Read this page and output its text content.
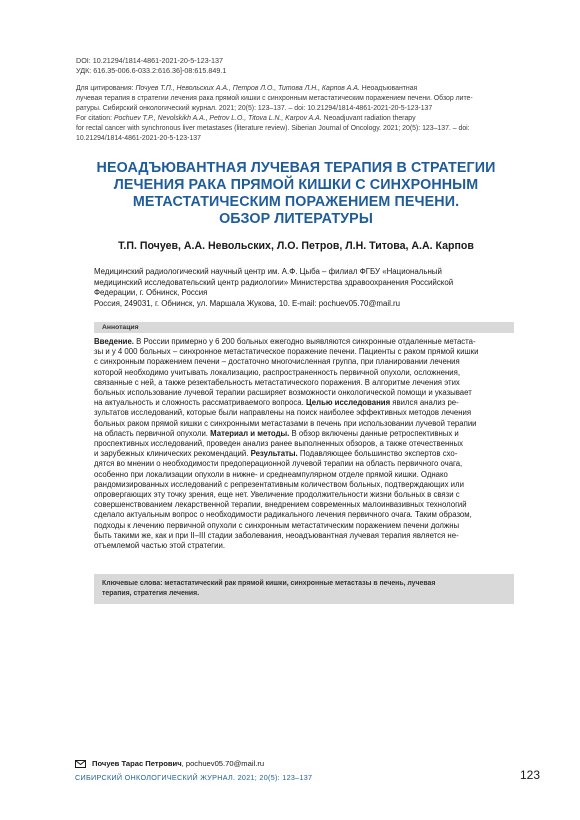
DOI: 10.21294/1814-4861-2021-20-5-123-137
УДК: 616.35-006.6-033.2:616.36]-08:615.849.1
Для цитирования: Почуев Т.П., Невольских А.А., Петров Л.О., Титова Л.Н., Карпов А.А. Неоадъювантная
лучевая терапия в стратегии лечения рака прямой кишки с синхронным метастатическим поражением печени. Обзор лите-
ратуры. Сибирский онкологический журнал. 2021; 20(5): 123–137. – doi: 10.21294/1814-4861-2021-20-5-123-137
For citation: Pochuev T.P., Nevolskikh A.A., Petrov L.O., Titova L.N., Karpov A.A. Neoadjuvant radiation therapy
for rectal cancer with synchronous liver metastases (literature review). Siberian Journal of Oncology. 2021; 20(5): 123–137. – doi:
10.21294/1814-4861-2021-20-5-123-137
НЕОАДЪЮВАНТНАЯ ЛУЧЕВАЯ ТЕРАПИЯ В СТРАТЕГИИ
ЛЕЧЕНИЯ РАКА ПРЯМОЙ КИШКИ С СИНХРОННЫМ
МЕТАСТАТИЧЕСКИМ ПОРАЖЕНИЕМ ПЕЧЕНИ.
ОБЗОР ЛИТЕРАТУРЫ
Т.П. Почуев, А.А. Невольских, Л.О. Петров, Л.Н. Титова, А.А. Карпов
Медицинский радиологический научный центр им. А.Ф. Цыба – филиал ФГБУ «Национальный
медицинский исследовательский центр радиологии» Министерства здравоохранения Российской
Федерации, г. Обнинск, Россия
Россия, 249031, г. Обнинск, ул. Маршала Жукова, 10. E-mail: pochuev05.70@mail.ru
Аннотация
Введение. В России примерно у 6 200 больных ежегодно выявляются синхронные отдаленные метаста-
зы и у 4 000 больных – синхронное метастатическое поражение печени. Пациенты с раком прямой кишки
с синхронным поражением печени – достаточно многочисленная группа, при планировании лечения
которой необходимо учитывать локализацию, распространенность первичной опухоли, осложнения,
связанные с ней, а также резектабельность метастатического поражения. В алгоритме лечения этих
больных использование лучевой терапии расширяет возможности онкологической помощи и указывает
на актуальность и сложность рассматриваемого вопроса. Целью исследования явился анализ ре-
зультатов исследований, которые были направлены на поиск наиболее эффективных методов лечения
больных раком прямой кишки с синхронными метастазами в печень при использовании лучевой терапии
на область первичной опухоли. Материал и методы. В обзор включены данные ретроспективных и
проспективных исследований, проведен анализ ранее выполненных обзоров, а также отечественных
и зарубежных клинических рекомендаций. Результаты. Подавляющее большинство экспертов схо-
дятся во мнении о необходимости предоперационной лучевой терапии на область первичного очага,
особенно при локализации опухоли в нижне- и среднеампулярном отделе прямой кишки. Однако
рандомизированных исследований с репрезентативным количеством больных, подтверждающих или
опровергающих эту точку зрения, еще нет. Увеличение продолжительности жизни больных в связи с
совершенствованием лекарственной терапии, внедрением современных малоинвазивных технологий
сделало актуальным вопрос о необходимости радикального лечения первичного очага. Таким образом,
подходы к лечению первичной опухоли с синхронным метастатическим поражением печени должны
быть такими же, как и при II–III стадии заболевания, неоадъювантная лучевая терапия является не-
отъемлемой частью этой стратегии.
Ключевые слова: метастатический рак прямой кишки, синхронные метастазы в печень, лучевая
терапия, стратегия лечения.
Почуев Тарас Петрович, pochuev05.70@mail.ru
СИБИРСКИЙ ОНКОЛОГИЧЕСКИЙ ЖУРНАЛ. 2021; 20(5): 123–137	123
